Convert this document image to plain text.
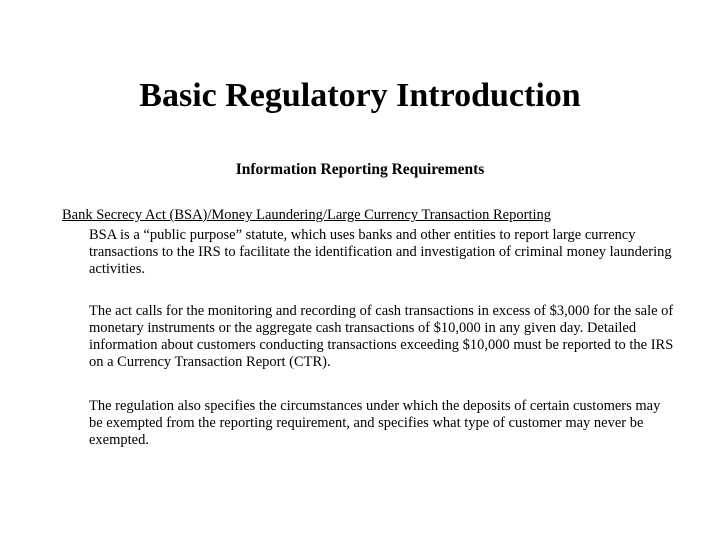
Basic Regulatory Introduction
Information Reporting Requirements

Bank Secrecy Act (BSA)/Money Laundering/Large Currency Transaction Reporting

BSA is a “public purpose” statute, which uses banks and other entities to report large currency transactions to the IRS to facilitate the identification and investigation of criminal money laundering activities.

The act calls for the monitoring and recording of cash transactions in excess of $3,000 for the sale of monetary instruments or the aggregate cash transactions of $10,000 in any given day. Detailed information about customers conducting transactions exceeding $10,000 must be reported to the IRS on a Currency Transaction Report (CTR).

The regulation also specifies the circumstances under which the deposits of certain customers may be exempted from the reporting requirement, and specifies what type of customer may never be exempted.
